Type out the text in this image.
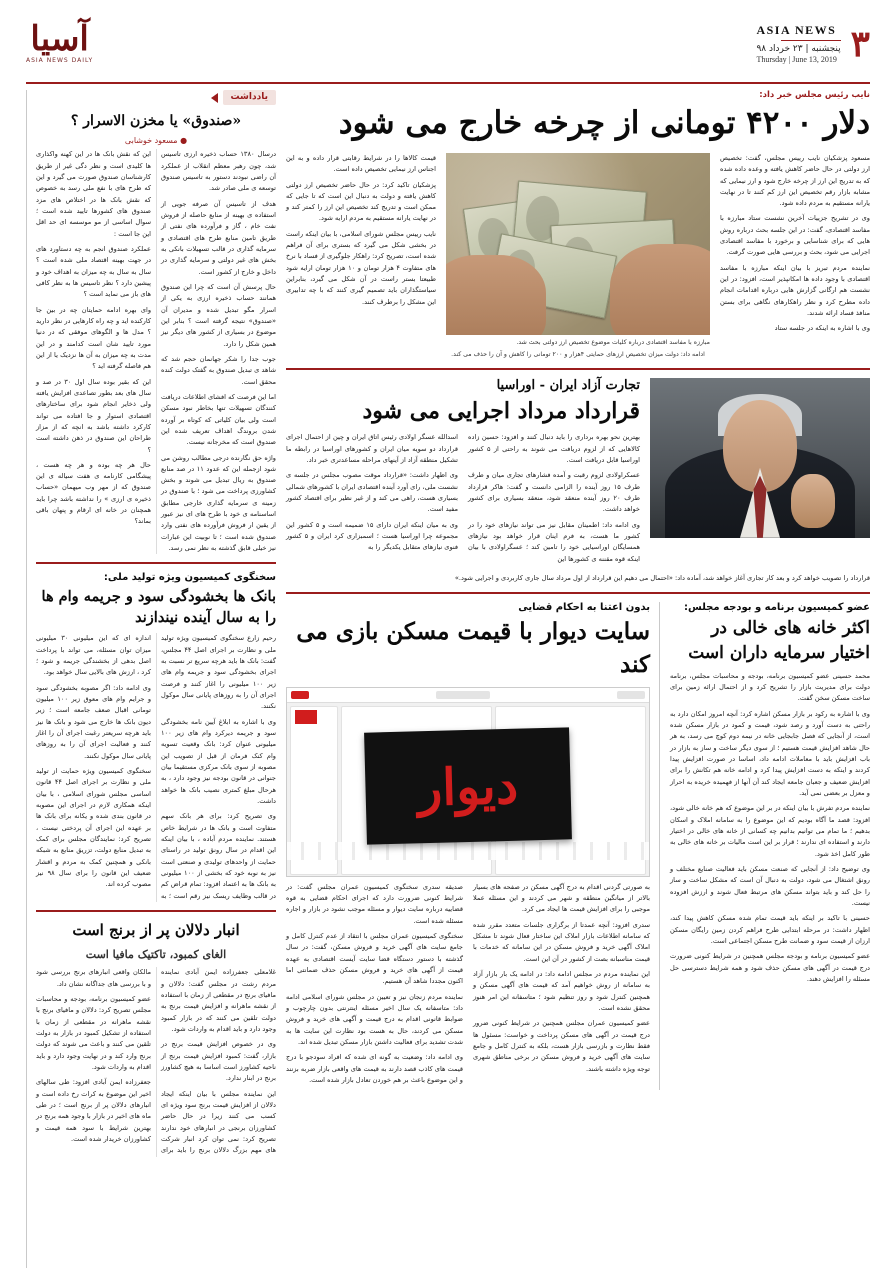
۳
ASIA NEWS
پنجشنبه | ۲۳ خرداد ۹۸
Thursday | June 13, 2019
آسیا
ASIA NEWS DAILY
نایب رئیس مجلس خبر داد:
دلار ۴۲۰۰ تومانی از چرخه خارج می شود

مسعود پزشکیان نایب رییس مجلس، گفت: تخصیص ارز دولتی در حال حاضر کاهش یافته و وعده داده شده که به تدریج این ارز از چرخه خارج شود و ارز نیمایی که مشابه بازار رقم تخصیص این ارز کم کنند تا در نهایت یارانه مستقیم به مردم داده شود.

وی در تشریح جزییات آخرین نشست ستاد مبارزه با مفاسد اقتصادی، گفت: در این جلسه بحث درباره روش هایی که برای شناسایی و برخورد با مفاسد اقتصادی اجرایی می شود، بحث و بررسی هایی صورت گرفت.

نماینده مردم تبریز با بیان اینکه مبارزه با مفاسد اقتصادی با وجود داده ها امکانپذیر است، افزود: در این نشست هم ارگانی گزارش هایی درباره اقدامات انجام داده مطرح کرد و نظر راهکارهای نگاهی برای بستن منافذ فساد ارائه شدند.

وی با اشاره به اینکه در جلسه ستاد

مبارزه با مفاسد اقتصادی درباره کلیات موضوع تخصیص ارز دولتی بحث شد.

قیمت کالاها را در شرایط رقابتی قرار داده و به این اجناس ارز نیمایی تخصیص داده است.

پزشکیان تاکید کرد: در حال حاضر تخصیص ارز دولتی کاهش یافته و دولت به دنبال این است که تا جایی که ممکن است و تدریج کند تخصیص این ارز را کمتر کند و در نهایت یارانه مستقیم به مردم ارایه شود.

نایب رییس مجلس شورای اسلامی، با بیان اینکه راست در بخشی شکل می گیرد که بستری برای آن فراهم شده است، تصریح کرد: راهکار جلوگیری از فساد با نرخ های متفاوت ۴ هزار تومان و ۱۰ هزار تومان ارایه شود طبیعتا بستر راست در آن شکل می گیرد، بنابراین سیاستگذاران باید تصمیم گیری کنند که با چه تدابیری این مشکل را برطرف کنند.

ادامه داد: دولت میزان تخصیص ارزهای حمایتی ۴هزار و ۲۰۰ تومانی را کاهش و آن را حذف می کند.
تجارت آزاد ایران - اوراسیا
قرارداد مرداد اجرایی می شود

بهترین نحو بهره برداری را باید دنبال کنند و افزود: حسین زاده کالاهایی که از لزوم دریافت می شوند به راحتی از ۵ کشور اوراسیا قابل دریافت است.

عسکراولادی لزوم رقبت و آمده فشارهای تجاری میان و طرف طرف ۱۵ روز آینده را الزامی دانست و گفت: هاکر قرارداد طرف ۲۰ روز آینده منعقد شود، منعقد بسیاری برای کشور خواهد داشت.

وی ادامه داد: اطمینان مقابل نیز می تواند نیازهای خود را در کشور ما هست، به فرم اینان قرار خواهد بود نیازهای همسایگان اوراسیایی خود را تامین کند ؛ عسگراولادی با بیان اینکه قوه مقننه ی کشورها این

اسدالله عسگر اولادی رئیس اتاق ایران و چین از احتمال اجرای قرارداد دو سویه میان ایران و کشورهای اوراسیا در رابطه ما تشکیل منطقه آزاد از آینهای مراحله مساعدتری خبر داد.

وی اظهار داشت: «قرارداد موقت مصوب مجلس در جلسه ی نشست ملی، رای آورد آینده اقتصادی ایران با کشورهای شمالی بسیاری هست، راهی می کند و از غیر نظیر برای اقتصاد کشور مفید است.

وی به میان اینکه ایران دارای ۱۵ ضمیمه است و ۵ کشور این مجموعه چرا اوراسیا هست ؛ اسمبزاری کرد ایران و ۵ کشور فنوی نیازهای متقابل یکدیگر را به

قرارداد را تصویب خواهد کرد و بعد کار تجاری آغاز خواهد شد، آماده داد: «احتمال می دهیم این قرارداد از اول مرداد سال جاری کاربردی و اجرایی شود.»
عضو کمیسیون برنامه و بودجه مجلس:
اکثر خانه های خالی در اختیار سرمایه داران است

محمد حسینی عضو کمیسیون برنامه، بودجه و محاسبات مجلس، برنامه دولت برای مدیریت بازار را تشریح کرد و از احتمال ارائه زمین برای ساخت مسکن سخن گفت.

وی با اشاره به رکود بر بازار مسکن اشاره کرد: آنچه امروز امکان دارد به راحتی به دست آورد و رصد شود، قیمت و کمود در بازار مسکن شده است، از آنجایی که فصل جابجایی خانه در نیمه دوم کوچ می رسد، به هر حال شاهد افزایش قیمت هستیم ؛ از سوی دیگر ساخت و ساز به بازار در باب افزایش باید با معاملات ادامه داد، اساسا در صورت افزایش پیدا کردند و اینکه به دست افزایش پیدا کرد و ادامه خانه هم تکانش را برای افزایش ضعیف و جعبان جامعه ایجاد کند آن آنها از فهمیده خریده به احراز و معزل بر بعضی نمی آید.

نماینده مردم تفرش با بیان اینکه در بر این موضوع که هم خانه خالی شود، افزود: قصد ما آگاه بودیم که این موضوع را به سامانه املاک و اسکان بدهیم ؛ ما تمام می توانیم بدانیم چه کسانی از خانه های خالی در اختیار دارند و استفاده ای ندارند ؛ قرار بر این است مالیات بر خانه های خالی به طور کامل اخذ شود.

وی توضیح داد: از آنجایی که صنعت مسکن باید فعالیت صنایع مختلف و رونق اشتغال می شود، دولت به دنبال آن است که مشکل ساخت و ساز را حل کند و باید بتواند مسکن های مرتبط فعال شوند و ارزش افزوده نیست.

حسینی با تاکید بر اینکه باید قیمت تمام شده مسکن کاهش پیدا کند، اظهار داشت: در مرحله ابتدایی طرح فراهم کردن زمین رایگان مسکن ارزان از قیمت سود و ضمانت طرح مسکن اجتماعی است.

عضو کمیسیون برنامه و بودجه مجلس همچنین در شرایط کنونی ضرورت درج قیمت در آگهی های مسکن حذف شود و همه شرایط دسترسی حل مسئله را افزایش دهند.

بدون اعتنا به احکام قضایی
سایت دیوار با قیمت مسکن بازی می کند
دیوار

به صورتی گردنی اقدام به درج آگهی مسکن در صفحه های بسیار بالاتر از میانگین منطقه و شهر می کردند و این مسئله عملا موجبی را برای افزایش قیمت ها ایجاد می کرد.

سدری افزود: آنچه عمدتا از برگزاری جلسات متعدد مقرر شده که سامانه اطلاعات بازار املاک این ساختار فعال شوند تا مشکل املاک آگهی خرید و فروش مسکن در این سامانه که خدمات با قیمت مناسبانه بصت از کشور در آن این است.

این نماینده مردم در مجلس ادامه داد: در ادامه یک بار بازار آزاد به سامانه از روش خواهیم آمد که قیمت های آگهی مسکن و همچنین کنترل شود و روز تنظیم شود ؛ متاسفانه این امر هنوز محقق نشده است.

عضو کمیسیون عمران مجلس همچنین در شرایط کنونی ضرور درج قیمت در آگهی های مسکن پرداخت و خواست: مسئول ها فقط نظارت و بازرسی بازار هست، بلکه به کنترل کامل و جامع سایت های آگهی خرید و فروش مسکن در برخی مناطق شهری توجه ویژه داشته باشند.

صدیقه سدری سخنگوی کمیسیون عمران مجلس گفت: در شرایط کنونی ضرورت دارد که اجرای احکام قضایی به قوه قضاییه درباره سایت دیوار و مسئله موجب نشود در بازار و اجاره مسئله شده است.

سخنگوی کمیسیون عمران مجلس با انتقاد از عدم کنترل کامل و جامع سایت های آگهی خرید و فروش مسکن، گفت: در سال گذشته با دستور دستگاه قضا سایت آیست اقتصادی به عهده قیمت از آگهی های خرید و فروش مسکن حذف ضمانتی اما اکنون مجددا شاهد آن هستیم.

نماینده مردم زنجان نیز و تعیین در مجلس شورای اسلامی ادامه داد: متاسفانه یک سال اخیر مسئله اینترنتی بدون چارچوب و ضوابط قانونی اقدام به درج قیمت و آگهی های خرید و فروش مسکن می کردند، حال به هست بود نظارت این سایت ها به شدت تشدید برای فعالیت داشتن بازار مسکن تبدیل شده اند.

وی ادامه داد: وضعیت به گونه ای شده که افراد سودجو با درج قیمت های کاذب قصد دارند به قیمت های واقعی بازار ضربه بزنند و این موضوع باعث بر هم خوردن تعادل بازار شده است.

یادداشت
«صندوق» یا مخزن الاسرار ؟
● مسعود خوشابی

درسال ۱۳۸۰ حساب ذخیره ارزی تاسیس شد، چون رهبر معظم انقلاب از عملکرد آن راضی نبودند دستور به تاسیس صندوق توسعه ی ملی صادر شد.

هدف از تاسیس آن صرفه جویی از استفاده ی بهینه از منابع حاصله از فروش نفت خام ، گاز و فرآورده های نفتی از طریق تامین منابع طرح های اقتصادی و سرمایه گذاری در قالب تسهیلات بانکی به بخش های غیر دولتی و سرمایه گذاری در داخل و خارج از کشور است.

حال پرسش آن است که چرا این صندوق همانند حساب ذخیره ارزی به یکی از اسرار مگو تبدیل شده و مدیران آن «صندوق» نتیجه گرفته است ؟ بنابر این موضوع در بسیاری از کشور های دیگر نیز همین شکل را دارد.

جوب جدا را شکر جهانمان حجم شد که شاهد ی تبدیل صندوق به گفتک دولت کنده محقق است.

اما این فرصت که افشای اطلاعات دریافت کنندگان تسهیلات تنها بخاطر نبود مسکن است ولی بیان کلیاتی که کوتاه بر آورده شدن بروندگ اهداف تعریف شده این صندوق است که مخرجانه نیست.

واژه حق نگارنده درجی مطالب روشن می شود ازجمله این که عدود ۱۱ در صد منابع صندوق به ریال تبدیل می شوند و بخش کشاورزی پرداخت می شود ؛ با صندوق در زمینه ی سرمایه گذاری خارجی مطابق اساسنامه ی خود با طرح های ای نیز عبور از یقین ار فروش فرآورده های نفتی وارد صندوق شده است ؛ تا نوبیت این عبارات نیز خیلی قابق گذشته به نظر نمی رسد.

این که نقش بانک ها در این کهنه واکذاری ها کلیدی است و نظر دگی غیر از طریق کارشناسان صندوق صورت می گیرد و این که طرح های با نفع ملی رسد به خصوص که نقش بانک ها در اختلاص های مزد صندوق های کشورها تایید شده است ؛ سوال اساسی از مو موسسه ای حد اقل این جا است :

عملکرد صندوق انجم به چه دستاورد های در جهت بهینه اقتصاد ملی شده است ؟ سال به سال به چه میزان به اهداف خود و پیشین دارد ؟ نظر تاسیس ها به نظر کافی های باز می نماید است ؟

وای بهره ادامه حمایتان چه در بین جا کارکنده اید و چه راه کارهایی در نظر دارید ؟ مدل ها و الگوهای موفقی که در دنیا مورد تایید شان است کدامند و در این مدت به چه میزان به آن ها نزدیک یا از این هم فاصله گرفته اید ؟

این که بقیر بوده سال اول ۳۰ در صد و سال های بعد بطور تصاعدی افزایش یافته ولی ذخایر انجام شود برای ساختارهای اقتصادی استوار و جا افتاده می تواند کارکرد داشته باشد به انچه که از مزاز طراحان این صندوق در ذهن داشته است ؟

حال هر چه بوده و هر چه هست ، پیشگامی کارنامه ی هفت سیاله ی این صندوق که از مهر وب میهمان «حساب ذخیره ی ارزی » را نداشته باشد چرا باید همچنان در خانه ای ارقام و پنهان باقی بماند؟

سخنگوی کمیسیون ویژه تولید ملی:
بانک ها بخشودگی سود و جریمه وام ها را به سال آینده نیندازند

رحیم زارع سخنگوی کمیسیون ویژه تولید ملی و نظارت بر اجرای اصل ۴۴ مجلس، گفت: بانک ها باید هرچه سریع تر نسبت به اجرای بخشودگی سود و جریمه وام های زیر ۱۰۰ میلیونی را اغاز کنند و فرصت اجرای آن را به روزهای پایانی سال موکول نکنند.

وی با اشاره به ابلاغ آیین نامه بخشودگی سود و جریمه دیرکرد وام های زیر ۱۰۰ میلیونی عنوان کرد: بانک وقعیت تسویه وام کنک فرمان از قبل از تصویب این مصوبه از سوی بانک مرکزی مستقیما بیان جنوانی در قانون بودجه نیز وجود دارد ، به هرحال مبلغ کمتری نصیب بانک ها خواهد داشت.

وی تصریح کرد: برای هر بانک سهم متفاوت است و بانک ها در شرایط خاص هستند. نماینده مردم آباده ، با بیان اینکه این اقدام در سال رونق تولید در راستای حمایت از واحدهای تولیدی و صنعتی است نیز به نوبه خود که بخشی از ۱۰۰ میلیونی به بانک ها به اعتماد افزود: تمام قراض کم در قالب وظایف ریسک نیز رقم است ؛ به اندازه ای که این میلیونی ۳۰ میلیونی میزان توان مسئله، می تواند با پرداخت اصل بدهی از بخشندگی جریمه و شود ؛ کرد ، ارزش های بالایی سال خواهد بود.

وی ادامه داد: اگر مصوبه بخشودگی سود و جرایم وام های معوق زیر ۱۰۰ میلیون تومانی اقبال صعف جامعه است ؛ زیر دیون بانک ها خارج می شود و بانک ها نیز باید هرچه سریعتر رغبت اجرای آن را اغاز کنند و فعالیت اجرای آن را به روزهای پایانی سال موکول نکنند.

سخنگوی کمیسیون ویژه حمایت از تولید ملی و نظارت بر اجرای اصل ۴۴ قانون اساسی مجلس شورای اسلامی ، با بیان اینکه همکاری لازم در اجرای این مصوبه در قانون بندی شده و یکانه برای بانک ها بر عهده این اجرای آن پردختی نیست ، تصریح کرد: نمایندگان مجلس برای کمک به تبدیل منابع دولت، تزریق منابع به شبکه بانکی و همچنین کمک به مردم و اقشار ضعیف این قانون را برای سال ۹۸ نیز مصوب کرده اند.

انبار دلالان پر از برنج است
الغای کمبود، تاکتیک مافیا است

غلامعلی جعفرزاده ایمن آبادی نماینده مردم رشت در مجلس گفت: دلالان و مافیای برنج در مقطعی از زمان با استفاده از نقشه ماهرانه و افزایش قیمت برنج به دولت تلقین می کنند که در بازار کمبود وجود دارد و باید اقدام به واردات شود.

وی در خصوص افزایش قیمت برنج در بازار، گفت: کمبود افزایش قیمت برنج از ناحیه کشاورز است اساسا به هیچ کشاورز برنج در ابنار ندارد.

این نماینده مجلس با بیان اینکه ایجاد دلالان از افزایش قیمت برنج سود ویژه ای کسب می کنند زیرا در حال حاضر کشاورزان برنجی در انبارهای خود ندارند تصریح کرد: نمی توان کرد انبار شرکت های مهم بزرگ دلالان برنج را باید برای مالکان واقعی انبارهای برنج بررسی شود و با بررسی های جداگانه نشان داد.

عضو کمیسیون برنامه، بودجه و محاسبات مجلس تصریح کرد: دلالان و مافیای برنج با نقشه ماهرانه در مقطعی از زمان با استفاده از تشکیل کمبود در بازار به دولت تلقین می کنند و باعث می شوند که دولت برنج وارد کند و در نهایت وجود دارد و باید اقدام به واردات شود.

جعفرزاده ایمن آبادی افزود: طی سالهای اخیر این موضوع به کرات رخ داده است و انبارهای دلالان پر از برنج است ؛ در طی ماه های اخیر در بازار با وجود همه برنج در بهترین شرایط با سود همه قیمت و کشاورزان خریدار شده است.
